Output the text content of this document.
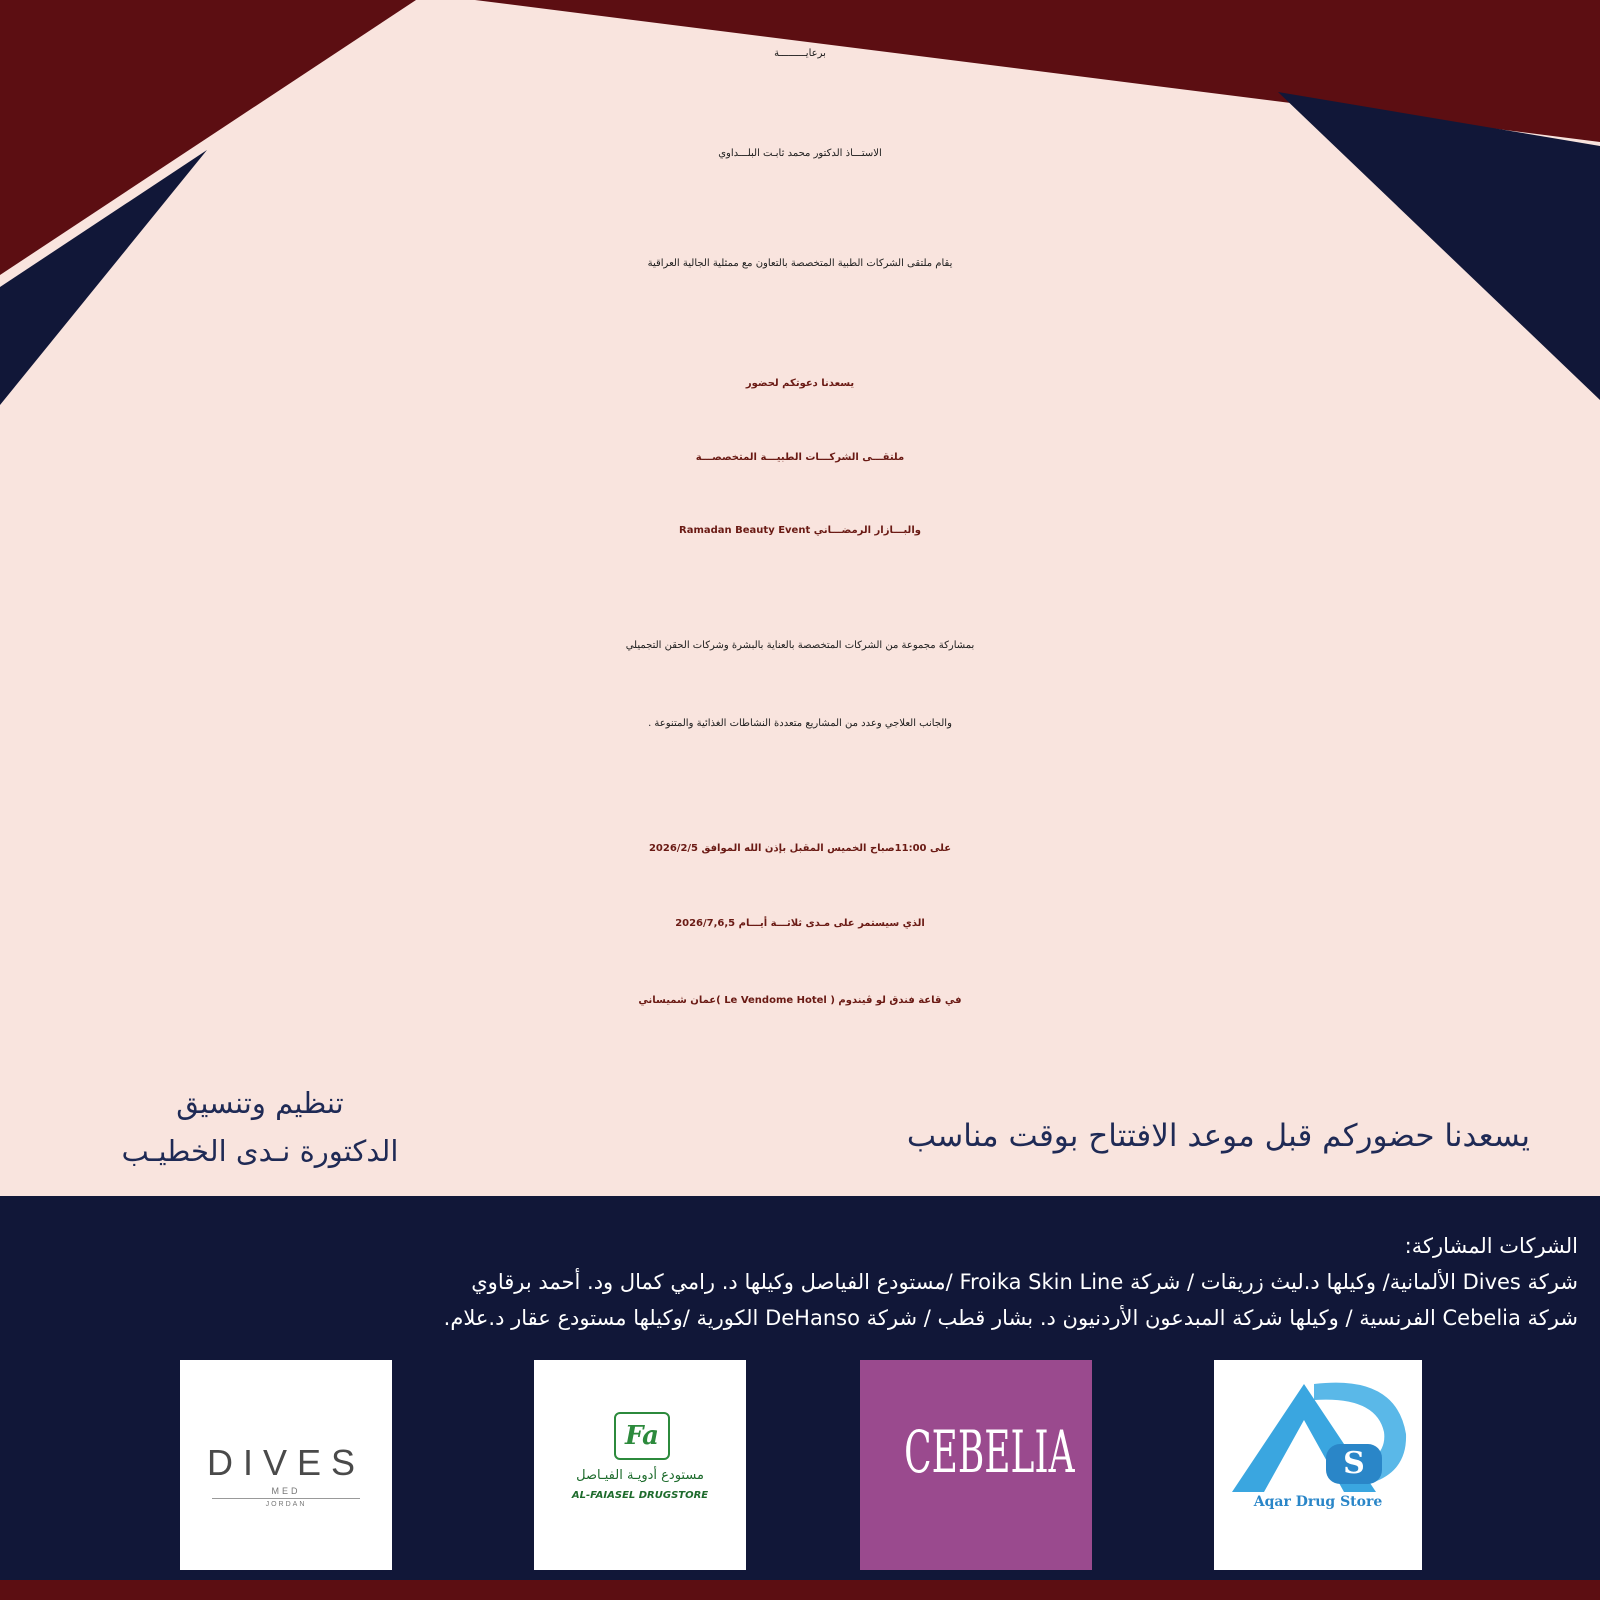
برعايـــــــــة
الاستـــاذ الدكتور محمد ثابـت البلـــداوي
يقام ملتقى الشركات الطبية المتخصصة بالتعاون مع ممثلية الجالية العراقية
يسعدنا دعوتكم لحضور
ملتقـــى الشركـــات الطبيـــة المتخصصـــة
والبـــازار الرمضـــاني Ramadan Beauty Event
بمشاركة مجموعة من الشركات المتخصصة بالعناية بالبشرة وشركات الحقن التجميلي
والجانب العلاجي وعدد من المشاريع متعددة النشاطات الغذائية والمتنوعة .
على 11:00صباح الخميس المقبل بإذن الله الموافق 2026/2/5
الذي سيستمر على مـدى ثلاثـــة أيـــام 2026/7,6,5
في قاعة فندق لو ڤيندوم ( Le Vendome Hotel )عمان شميساني
تنظيم وتنسيق
الدكتورة نـدى الخطيـب	يسعدنا حضوركم قبل موعد الافتتاح بوقت مناسب
الشركات المشاركة:
شركة Dives الألمانية/ وكيلها د.ليث زريقات / شركة Froika Skin Line /مستودع الفياصل وكيلها د. رامي كمال ود. أحمد برقاوي
شركة Cebelia الفرنسية / وكيلها شركة المبدعون الأردنيون د. بشار قطب / شركة DeHanso الكورية /وكيلها مستودع عقار د.علام.
DIVES
MED
JORDAN
Fa
مستودع أدويـة الفيـاصل
AL-FAIASEL DRUGSTORE
CEBELIA	S
Aqar Drug Store
